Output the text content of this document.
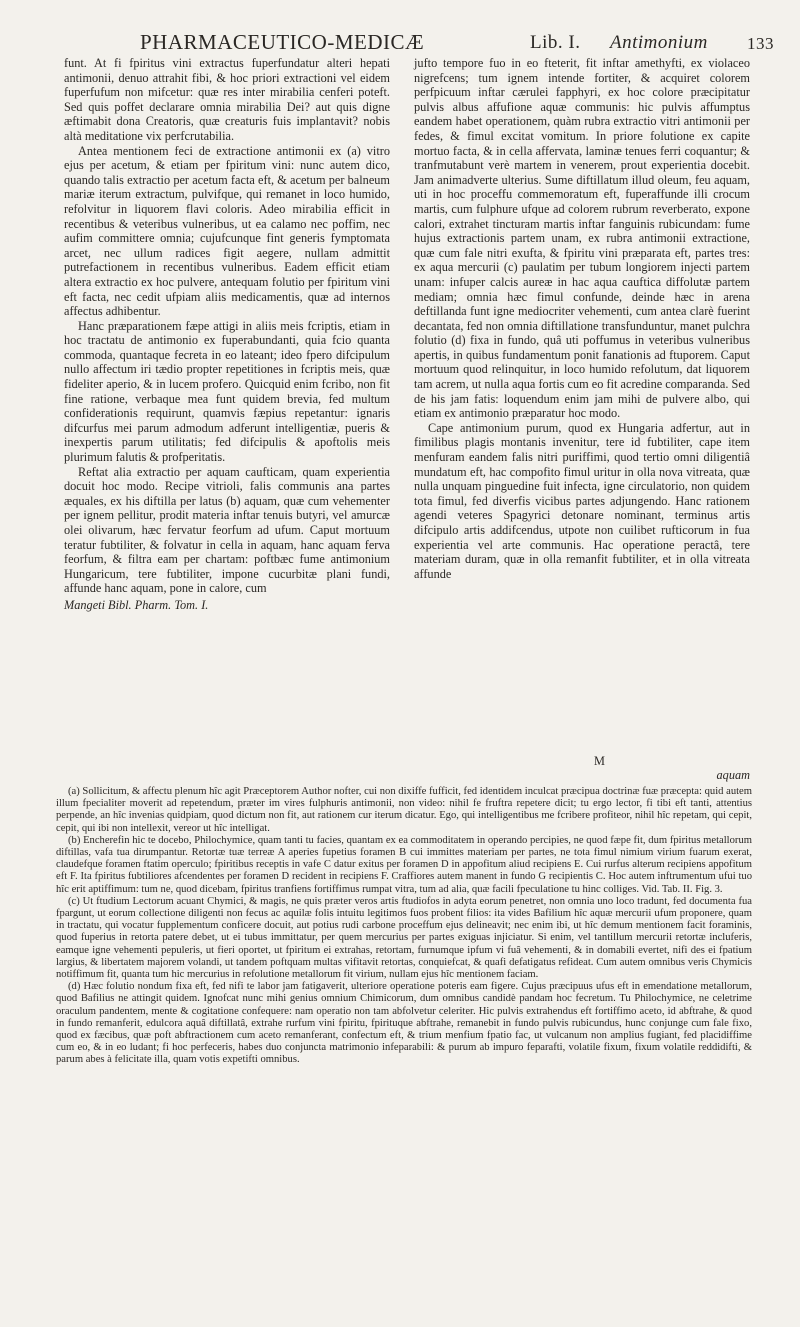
PHARMACEUTICO-MEDICÆ	Lib. I. Antimonium 133

funt. At fi fpiritus vini extractus fuperfundatur alteri hepati antimonii, denuo attrahit fibi, & hoc priori extractioni vel eidem fuperfufum non mifcetur: quæ res inter mirabilia cenferi poteft. Sed quis poffet declarare omnia mirabilia Dei? aut quis digne æftimabit dona Creatoris, quæ creaturis fuis implantavit? nobis altà meditatione vix perfcrutabilia.

Antea mentionem feci de extractione antimonii ex (a) vitro ejus per acetum, & etiam per fpiritum vini: nunc autem dico, quando talis extractio per acetum facta eft, & acetum per balneum mariæ iterum extractum, pulvifque, qui remanet in loco humido, refolvitur in liquorem flavi coloris. Adeo mirabilia efficit in recentibus & veteribus vulneribus, ut ea calamo nec poffim, nec aufim committere omnia; cujufcunque fint generis fymptomata arcet, nec ullum radices figit aegere, nullam admittit putrefactionem in recentibus vulneribus. Eadem efficit etiam altera extractio ex hoc pulvere, antequam folutio per fpiritum vini eft facta, nec cedit ufpiam aliis medicamentis, quæ ad internos affectus adhibentur.

Hanc præparationem fæpe attigi in aliis meis fcriptis, etiam in hoc tractatu de antimonio ex fuperabundanti, quia fcio quanta commoda, quantaque fecreta in eo lateant; ideo fpero difcipulum nullo affectum iri tædio propter repetitiones in fcriptis meis, quæ fideliter aperio, & in lucem profero. Quicquid enim fcribo, non fit fine ratione, verbaque mea funt quidem brevia, fed multum confiderationis requirunt, quamvis fæpius repetantur: ignaris difcurfus mei parum admodum adferunt intelligentiæ, pueris & inexpertis parum utilitatis; fed difcipulis & apoftolis meis plurimum falutis & profperitatis.

Reftat alia extractio per aquam caufticam, quam experientia docuit hoc modo. Recipe vitrioli, falis communis ana partes æquales, ex his diftilla per latus (b) aquam, quæ cum vehementer per ignem pellitur, prodit materia inftar tenuis butyri, vel amurcæ olei olivarum, hæc fervatur feorfum ad ufum. Caput mortuum teratur fubtiliter, & folvatur in cella in aquam, hanc aquam ferva feorfum, & filtra eam per chartam: poftbæc fume antimonium Hungaricum, tere fubtiliter, impone cucurbitæ plani fundi, affunde hanc aquam, pone in calore, cum

Mangeti Bibl. Pharm. Tom. I.

jufto tempore fuo in eo fteterit, fit inftar amethyfti, ex violaceo nigrefcens; tum ignem intende fortiter, & acquiret colorem perfpicuum inftar cærulei fapphyri, ex hoc colore præcipitatur pulvis albus affufione aquæ communis: hic pulvis affumptus eandem habet operationem, quàm rubra extractio vitri antimonii per fedes, & fimul excitat vomitum. In priore folutione ex capite mortuo facta, & in cella affervata, laminæ tenues ferri coquantur; & tranfmutabunt verè martem in venerem, prout experientia docebit. Jam animadverte ulterius. Sume diftillatum illud oleum, feu aquam, uti in hoc proceffu commemoratum eft, fuperaffunde illi crocum martis, cum fulphure ufque ad colorem rubrum reverberato, expone calori, extrahet tincturam martis inftar fanguinis rubicundam: fume hujus extractionis partem unam, ex rubra antimonii extractione, quæ cum fale nitri exufta, & fpiritu vini præparata eft, partes tres: ex aqua mercurii (c) paulatim per tubum longiorem injecti partem unam: infuper calcis aureæ in hac aqua cauftica diffolutæ partem mediam; omnia hæc fimul confunde, deinde hæc in arena deftillanda funt igne mediocriter vehementi, cum antea clarè fuerint decantata, fed non omnia diftillatione transfunduntur, manet pulchra folutio (d) fixa in fundo, quâ uti poffumus in veteribus vulneribus apertis, in quibus fundamentum ponit fanationis ad ftuporem. Caput mortuum quod relinquitur, in loco humido refolutum, dat liquorem tam acrem, ut nulla aqua fortis cum eo fit acredine comparanda. Sed de his jam fatis: loquendum enim jam mihi de pulvere albo, qui etiam ex antimonio præparatur hoc modo.

Cape antimonium purum, quod ex Hungaria adfertur, aut in fimilibus plagis montanis invenitur, tere id fubtiliter, cape item menfuram eandem falis nitri puriffimi, quod tertio omni diligentiâ mundatum eft, hac compofito fimul uritur in olla nova vitreata, quæ nulla unquam pinguedine fuit infecta, igne circulatorio, non quidem tota fimul, fed diverfis vicibus partes adjungendo. Hanc rationem agendi veteres Spagyrici detonare nominant, terminus artis difcipulo artis addifcendus, utpote non cuilibet rufticorum in fua experientia vel arte communis. Hac operatione peractâ, tere materiam duram, quæ in olla remanfit fubtiliter, et in olla vitreata affunde

M
aquam

(a) Sollicitum, & affectu plenum hîc agit Præceptorem Author nofter, cui non dixiffe fufficit, fed identidem inculcat præcipua doctrinæ fuæ præcepta: quid autem illum fpecialiter moverit ad repetendum, præter im vires fulphuris antimonii, non video: nihil fe fruftra repetere dicit; tu ergo lector, fi tibi eft tanti, attentius perpende, an hîc invenias quidpiam, quod dictum non fit, aut rationem cur iterum dicatur. Ego, qui intelligentibus me fcribere profiteor, nihil hîc repetam, qui cepit, cepit, qui ibi non intellexit, vereor ut hîc intelligat.

(b) Encherefin hic te docebo, Philochymice, quam tanti tu facies, quantam ex ea commoditatem in operando percipies, ne quod fæpe fit, dum fpiritus metallorum diftillas, vafa tua dirumpantur. Retortæ tuæ terreæ A aperies fupetius foramen B cui immittes materiam per partes, ne tota fimul nimium virium fuarum exerat, claudefque foramen ftatim operculo; fpiritibus receptis in vafe C datur exitus per foramen D in appofitum aliud recipiens E. Cui rurfus alterum recipiens appofitum eft F. Ita fpiritus fubtiliores afcendentes per foramen D recident in recipiens F. Craffiores autem manent in fundo G recipientis C. Hoc autem inftrumentum ufui tuo hîc erit aptiffimum: tum ne, quod dicebam, fpiritus tranfiens fortiffimus rumpat vitra, tum ad alia, quæ facili fpeculatione tu hinc colliges. Vid. Tab. II. Fig. 3.

(c) Ut ftudium Lectorum acuant Chymici, & magis, ne quis præter veros artis ftudiofos in adyta eorum penetret, non omnia uno loco tradunt, fed documenta fua fpargunt, ut eorum collectione diligenti non fecus ac aquilæ folis intuitu legitimos fuos probent filios: ita vides Bafilium hîc aquæ mercurii ufum proponere, quam in tractatu, qui vocatur fupplementum conficere docuit, aut potius rudi carbone proceffum ejus delineavit; nec enim ibi, ut hîc demum mentionem facit foraminis, quod fuperius in retorta patere debet, ut ei tubus immittatur, per quem mercurius per partes exiguas injiciatur. Si enim, vel tantillum mercurii retortæ incluferis, eamque igne vehementi pepuleris, ut fieri oportet, ut fpiritum ei extrahas, retortam, furnumque ipfum vi fuâ vehementi, & in domabili evertet, nifi des ei fpatium largius, & libertatem majorem volandi, ut tandem poftquam multas vifitavit retortas, conquiefcat, & quafi defatigatus refideat. Cum autem omnibus veris Chymicis notiffimum fit, quanta tum hic mercurius in refolutione metallorum fit virium, nullam ejus hîc mentionem faciam.

(d) Hæc folutio nondum fixa eft, fed nifi te labor jam fatigaverit, ulteriore operatione poteris eam figere. Cujus præcipuus ufus eft in emendatione metallorum, quod Bafilius ne attingit quidem. Ignofcat nunc mihi genius omnium Chimicorum, dum omnibus candidè pandam hoc fecretum. Tu Philochymice, ne celetrime oraculum pandentem, mente & cogitatione confequere: nam operatio non tam abfolvetur celeriter. Hic pulvis extrahendus eft fortiffimo aceto, id abftrahe, & quod in fundo remanferit, edulcora aquâ diftillatâ, extrahe rurfum vini fpiritu, fpirituque abftrahe, remanebit in fundo pulvis rubicundus, hunc conjunge cum fale fixo, quod ex fæcibus, quæ poft abftractionem cum aceto remanferant, confectum eft, & trium menfium fpatio fac, ut vulcanum non amplius fugiant, fed placidiffime cum eo, & in eo ludant; fi hoc perfeceris, habes duo conjuncta matrimonio infeparabili: & purum ab impuro feparafti, volatile fixum, fixum volatile reddidifti, & parum abes à felicitate illa, quam votis expetifti omnibus.
